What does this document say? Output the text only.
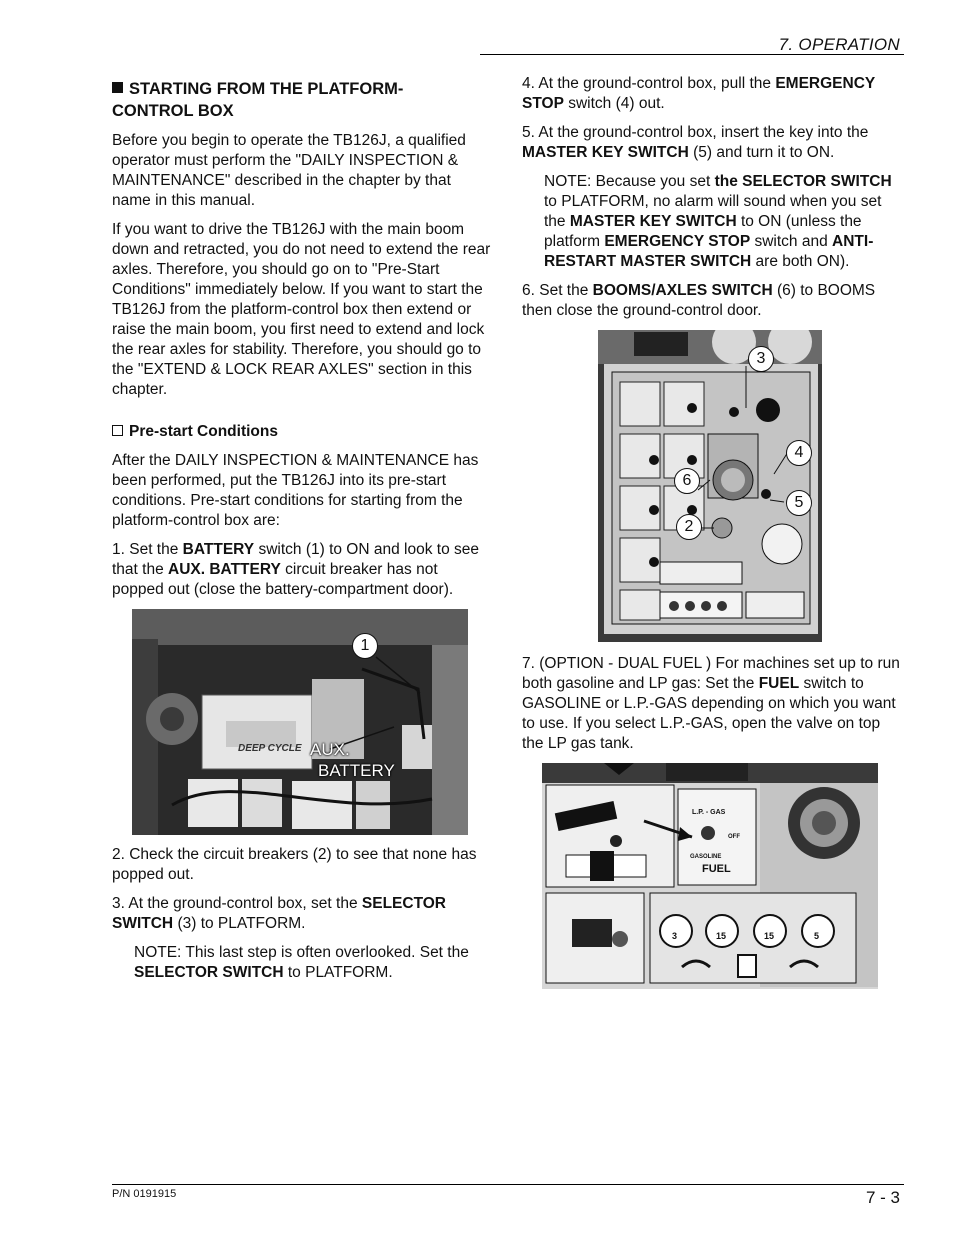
7. OPERATION
STARTING FROM THE PLATFORM-
CONTROL BOX

Before you begin to operate the TB126J, a qualified operator must perform the "DAILY INSPECTION & MAINTENANCE" described in the chapter by that name in this manual.

If you want to drive the TB126J with the main boom down and retracted, you do not need to extend the rear axles. Therefore, you should go on to "Pre-Start Conditions" immediately below. If you want to start the TB126J from the platform-control box then extend or raise the main boom, you first need to extend and lock the rear axles for stability. Therefore, you should go to the "EXTEND & LOCK REAR AXLES" section in this chapter.

Pre-start Conditions

After the DAILY INSPECTION & MAINTENANCE has been performed, put the TB126J into its pre-start conditions. Pre-start conditions for starting from the platform-control box are:

1. Set the BATTERY switch (1) to ON and look to see that the AUX. BATTERY circuit breaker has not popped out (close the battery-compartment door).

DEEP CYCLE AUX.
BATTERY
1

2. Check the circuit breakers (2) to see that none has popped out.

3. At the ground-control box, set the SELECTOR SWITCH (3) to PLATFORM.

NOTE: This last step is often overlooked. Set the SELECTOR SWITCH to PLATFORM.

4. At the ground-control box, pull the EMERGENCY STOP switch (4) out.

5. At the ground-control box, insert the key into the MASTER KEY SWITCH (5) and turn it to ON.

NOTE: Because you set the SELECTOR SWITCH to PLATFORM, no alarm will sound when you set the MASTER KEY SWITCH to ON (unless the platform EMERGENCY STOP switch and ANTI-RESTART MASTER SWITCH are both ON).

6. Set the BOOMS/AXLES SWITCH (6) to BOOMS then close the ground-control door.

3
4
6
5
2

7. (OPTION - DUAL FUEL ) For machines set up to run both gasoline and LP gas: Set the FUEL switch to GASOLINE or L.P.-GAS depending on which you want to use. If you select L.P.-GAS, open the valve on top the LP gas tank.

L.P. - GAS
OFF
GASOLINE
FUEL
3	15	15	5
P/N 0191915	7 - 3
